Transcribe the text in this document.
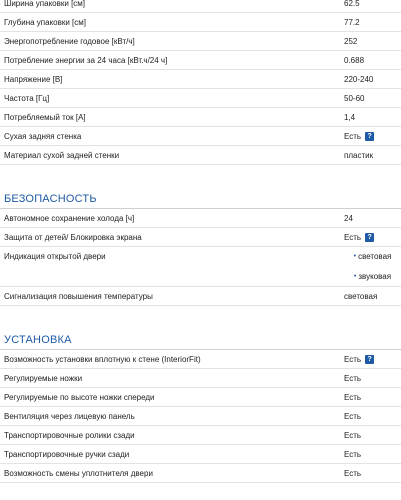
Ширина упаковки [см]	62.5
Глубина упаковки [см]	77.2
Энергопотребление годовое [кВт/ч]	252
Потребление энергии за 24 часа [кВт.ч/24 ч]	0.688
Напряжение [В]	220-240
Частота [Гц]	50-60
Потребляемый ток [А]	1,4
Сухая задняя стенка	Есть ?
Материал сухой задней стенки	пластик
БЕЗОПАСНОСТЬ
Автономное сохранение холода [ч]	24
Защита от детей/ Блокировка экрана	Есть ?
Индикация открытой двери	• световая
• звуковая
Сигнализация повышения температуры	световая
УСТАНОВКА
Возможность установки вплотную к стене (InteriorFit)	Есть ?
Регулируемые ножки	Есть
Регулируемые по высоте ножки спереди	Есть
Вентиляция через лицевую панель	Есть
Транспортировочные ролики сзади	Есть
Транспортировочные ручки сзади	Есть
Возможность смены уплотнителя двери	Есть
